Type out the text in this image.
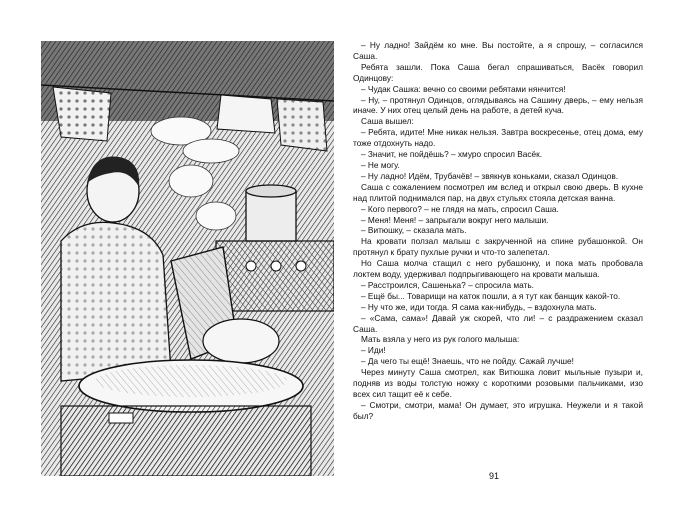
– Ну ладно! Зайдём ко мне. Вы постойте, а я спрошу, – согласился Саша.

Ребята зашли. Пока Саша бегал спрашиваться, Васёк говорил Одинцову:

– Чудак Сашка: вечно со своими ребятами нянчится!

– Ну, – протянул Одинцов, оглядываясь на Сашину дверь, – ему нельзя иначе. У них отец целый день на работе, а детей куча.

Саша вышел:

– Ребята, идите! Мне никак нельзя. Завтра воскресенье, отец дома, ему тоже отдохнуть надо.

– Значит, не пойдёшь? – хмуро спросил Васёк.

– Не могу.

– Ну ладно! Идём, Трубачёв! – звякнув коньками, сказал Одинцов.

Саша с сожалением посмотрел им вслед и открыл свою дверь. В кухне над плитой поднимался пар, на двух стульях стояла детская ванна.

– Кого первого? – не глядя на мать, спросил Саша.

– Меня! Меня! – запрыгали вокруг него малыши.

– Витюшку, – сказала мать.

На кровати ползал малыш с закрученной на спине рубашонкой. Он протянул к брату пухлые ручки и что-то залепетал.

Но Саша молча стащил с него рубашонку, и пока мать пробовала локтем воду, удерживал подпрыгивающего на кровати малыша.

– Расстроился, Сашенька? – спросила мать.

– Ещё бы... Товарищи на каток пошли, а я тут как банщик какой-то.

– Ну что же, иди тогда. Я сама как-нибудь, – вздохнула мать.

– «Сама, сама»! Давай уж скорей, что ли! – с раздражением сказал Саша.

Мать взяла у него из рук голого малыша:

– Иди!

– Да чего ты ещё! Знаешь, что не пойду. Сажай лучше!

Через минуту Саша смотрел, как Витюшка ловит мыльные пузыри и, подняв из воды толстую ножку с короткими розовыми пальчиками, изо всех сил тащит её к себе.

– Смотри, смотри, мама! Он думает, это игрушка. Неужели и я такой был?

91
